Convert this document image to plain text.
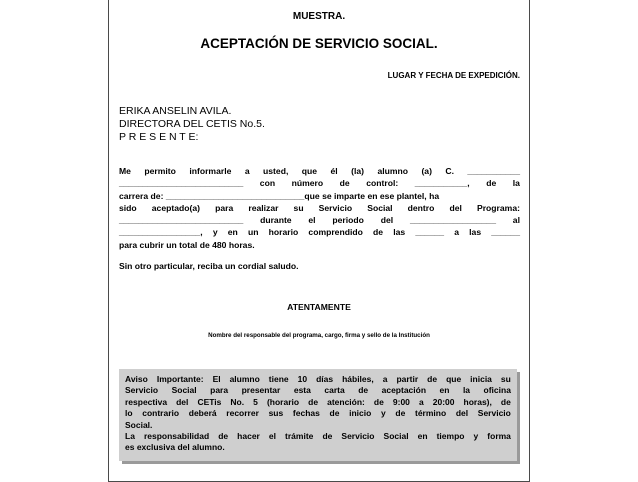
MUESTRA.
ACEPTACIÓN DE SERVICIO SOCIAL.
LUGAR Y FECHA DE EXPEDICIÓN.
ERIKA ANSELIN AVILA.
DIRECTORA DEL CETIS No.5.
P R E S E N T E:
Me permito informarle a usted, que él (la) alumno (a) C. ___________
__________________________ con número de control: ___________, de la
carrera de: _____________________________que se imparte en ese plantel, ha
sido aceptado(a) para realizar su Servicio Social dentro del Programa:
__________________________ durante el periodo del __________________ al
_________________, y en un horario comprendido de las ______ a las ______
para cubrir un total de 480 horas.
Sin otro particular, reciba un cordial saludo.
ATENTAMENTE
Nombre del responsable del programa, cargo, firma y sello de la Institución
Aviso Importante: El alumno tiene 10 días hábiles, a partir de que inicia su
Servicio Social para presentar esta carta de aceptación en la oficina
respectiva del CETis No. 5 (horario de atención: de 9:00 a 20:00 horas), de
lo contrario deberá recorrer sus fechas de inicio y de término del Servicio
Social.
La responsabilidad de hacer el trámite de Servicio Social en tiempo y forma
es exclusiva del alumno.
